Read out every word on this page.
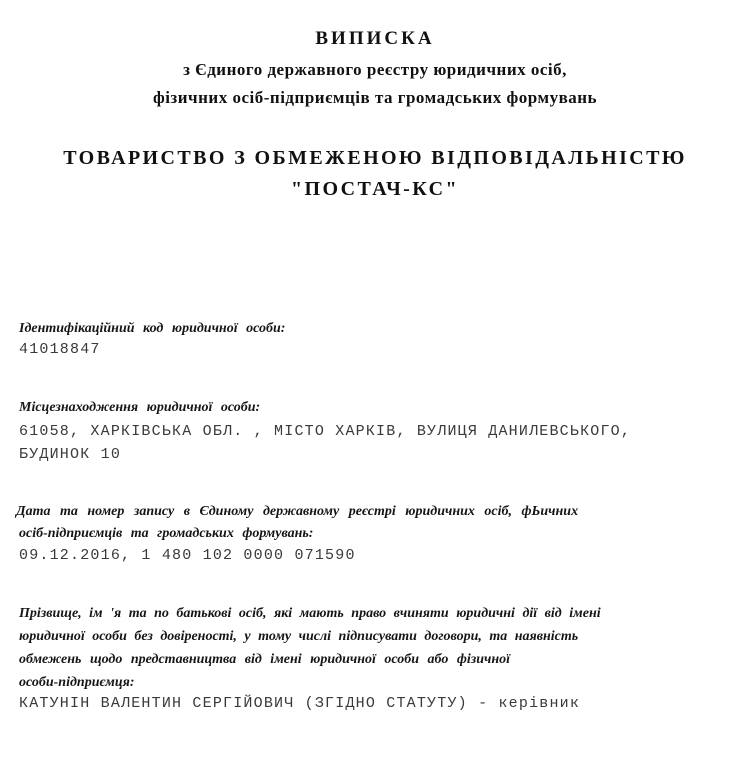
ВИПИСКА
з Єдиного державного реєстру юридичних осіб,
фізичних осіб-підприємців та громадських формувань
ТОВАРИСТВО З ОБМЕЖЕНОЮ ВІДПОВІДАЛЬНІСТЮ
"ПОСТАЧ-КС"
Ідентифікаційний код юридичної особи:
41018847
Місцезнаходження юридичної особи:
61058, ХАРКІВСЬКА ОБЛ. , МІСТО ХАРКІВ, ВУЛИЦЯ ДАНИЛЕВСЬКОГО,
БУДИНОК 10
Дата та номер запису в Єдиному державному реєстрі юридичних осіб, фЬичних
осіб-підприємців та громадських формувань:
09.12.2016, 1 480 102 0000 071590
Прізвище, ім 'я та по батькові осіб, які мають право вчиняти юридичні дії від імені
юридичної особи без довіреності, у тому числі підписувати договори, та наявність
обмежень щодо представництва від імені юридичної особи або фізичної
особи-підприємця:
КАТУНІН ВАЛЕНТИН СЕРГІЙОВИЧ (ЗГІДНО СТАТУТУ) - керівник
